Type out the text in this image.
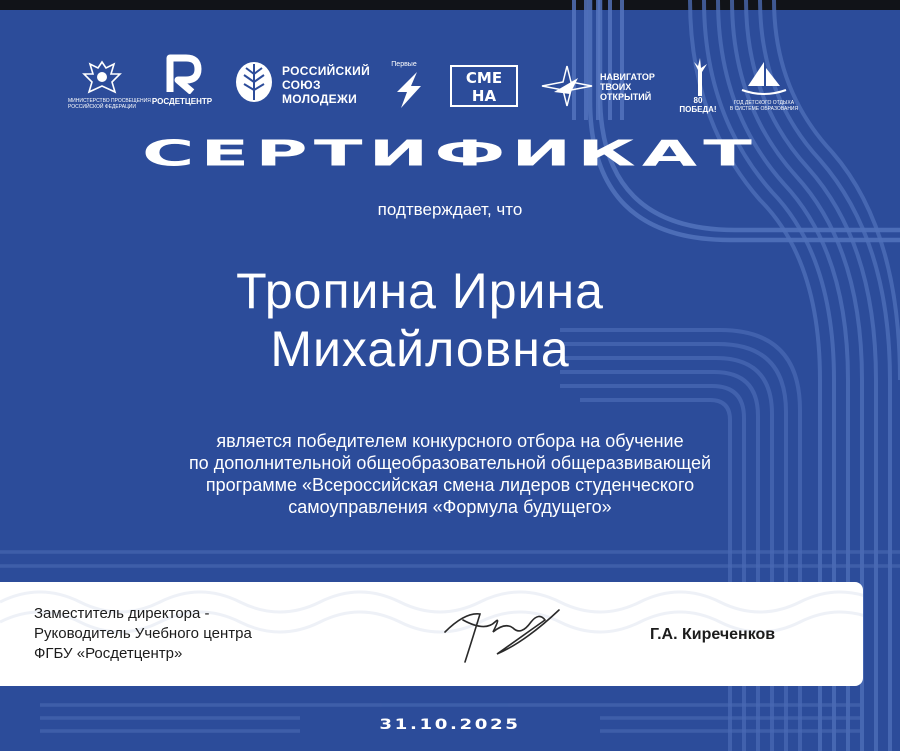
МИНИСТЕРСТВО ПРОСВЕЩЕНИЯ
РОССИЙСКОЙ ФЕДЕРАЦИИ
РОСДЕТЦЕНТР
РОССИЙСКИЙ
СОЮЗ
МОЛОДЕЖИ
Первые
СМЕ
НА
НАВИГАТОР
ТВОИХ
ОТКРЫТИЙ	80 ПОБЕДА!
ГОД ДЕТСКОГО ОТДЫХА
В СИСТЕМЕ ОБРАЗОВАНИЯ
СЕРТИФИКАТ
подтверждает, что
Тропина Ирина
Михайловна
является победителем конкурсного отбора на обучение
по дополнительной общеобразовательной общеразвивающей
программе «Всероссийская смена лидеров студенческого
самоуправления «Формула будущего»
Заместитель директора -
Руководитель Учебного центра
ФГБУ «Росдетцентр»
Г.А. Киреченков
31.10.2025
